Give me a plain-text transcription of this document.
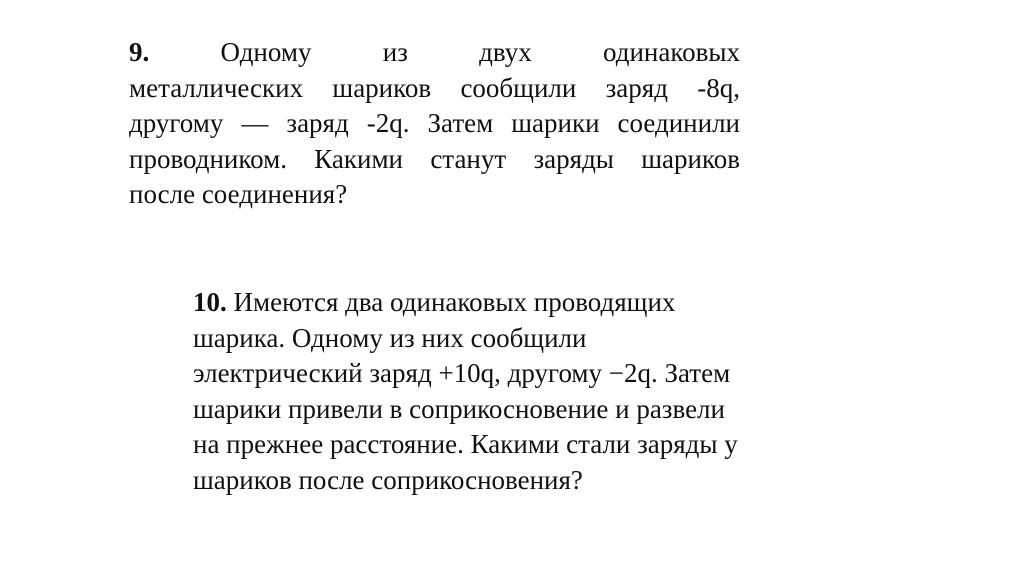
9.	Одному из двух одинаковых
металлических шариков сообщили заряд -8q,
другому — заряд -2q. Затем шарики соединили
проводником. Какими станут заряды шариков
после соединения?
10. Имеются два одинаковых проводящих
шарика. Одному из них сообщили
электрический заряд +10q, другому −2q. Затем
шарики привели в соприкосновение и развели
на прежнее расстояние. Какими стали заряды у
шариков после соприкосновения?
